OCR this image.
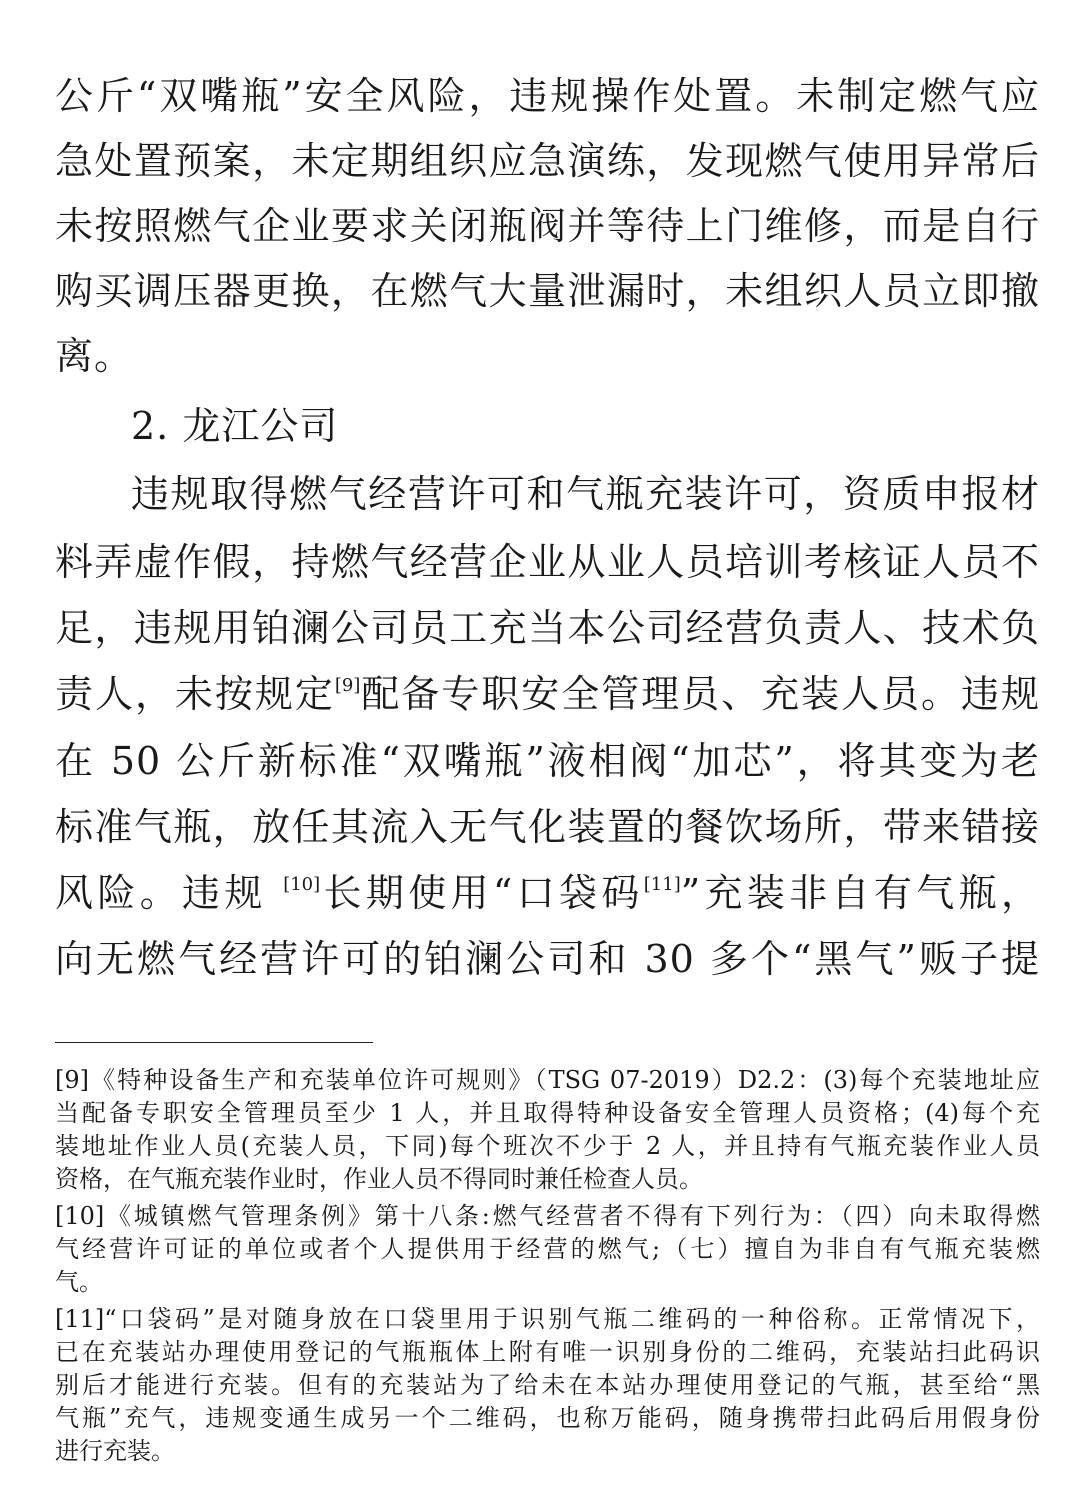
公斤“双嘴瓶”安全风险，违规操作处置。未制定燃气应
急处置预案，未定期组织应急演练，发现燃气使用异常后
未按照燃气企业要求关闭瓶阀并等待上门维修，而是自行
购买调压器更换，在燃气大量泄漏时，未组织人员立即撤
离。
2. 龙江公司
违规取得燃气经营许可和气瓶充装许可，资质申报材
料弄虚作假，持燃气经营企业从业人员培训考核证人员不
足，违规用铂澜公司员工充当本公司经营负责人、技术负
责人，未按规定[9]配备专职安全管理员、充装人员。违规
在 50 公斤新标准“双嘴瓶”液相阀“加芯”，将其变为老
标准气瓶，放任其流入无气化装置的餐饮场所，带来错接
风险。违规 [10]长期使用“口袋码[11]”充装非自有气瓶，
向无燃气经营许可的铂澜公司和 30 多个“黑气”贩子提
[9]《特种设备生产和充装单位许可规则》（TSG 07-2019）D2.2：(3)每个充装地址应
当配备专职安全管理员至少 1 人，并且取得特种设备安全管理人员资格；(4)每个充
装地址作业人员(充装人员，下同)每个班次不少于 2 人，并且持有气瓶充装作业人员
资格，在气瓶充装作业时，作业人员不得同时兼任检查人员。
[10]《城镇燃气管理条例》第十八条:燃气经营者不得有下列行为：（四）向未取得燃
气经营许可证的单位或者个人提供用于经营的燃气;（七）擅自为非自有气瓶充装燃
气。
[11]“口袋码”是对随身放在口袋里用于识别气瓶二维码的一种俗称。正常情况下，
已在充装站办理使用登记的气瓶瓶体上附有唯一识别身份的二维码，充装站扫此码识
别后才能进行充装。但有的充装站为了给未在本站办理使用登记的气瓶，甚至给“黑
气瓶”充气，违规变通生成另一个二维码，也称万能码，随身携带扫此码后用假身份
进行充装。
